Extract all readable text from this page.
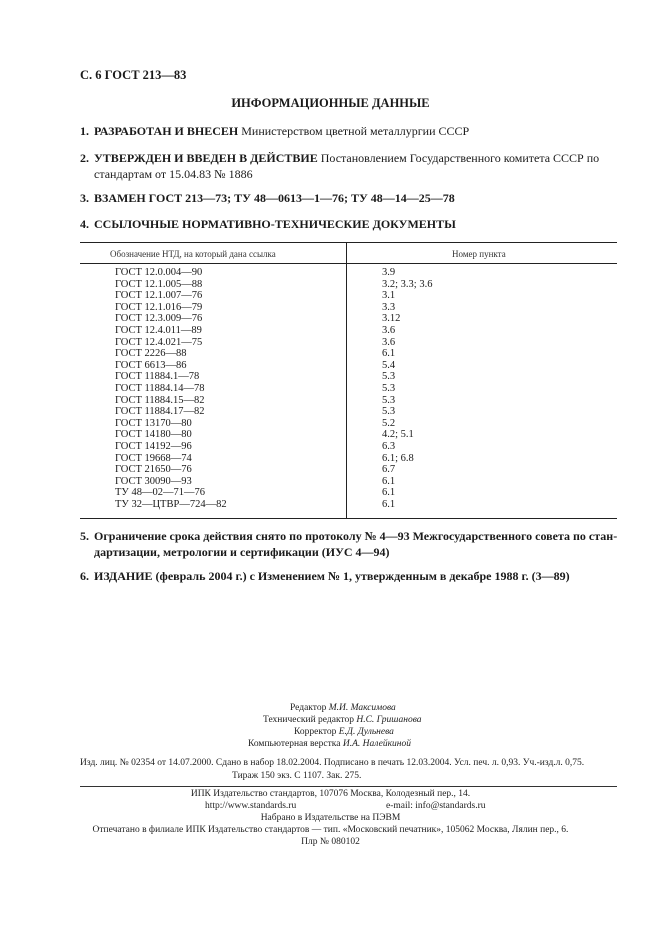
С. 6 ГОСТ 213—83
ИНФОРМАЦИОННЫЕ ДАННЫЕ
1. РАЗРАБОТАН И ВНЕСЕН Министерством цветной металлургии СССР
2. УТВЕРЖДЕН И ВВЕДЕН В ДЕЙСТВИЕ Постановлением Государственного комитета СССР по
стандартам от 15.04.83 № 1886
3. ВЗАМЕН ГОСТ 213—73; ТУ 48—0613—1—76; ТУ 48—14—25—78
4. ССЫЛОЧНЫЕ НОРМАТИВНО-ТЕХНИЧЕСКИЕ ДОКУМЕНТЫ
Обозначение НТД, на который дана ссылка	Номер пункта
ГОСТ 12.0.004—90	3.9
ГОСТ 12.1.005—88	3.2; 3.3; 3.6
ГОСТ 12.1.007—76	3.1
ГОСТ 12.1.016—79	3.3
ГОСТ 12.3.009—76	3.12
ГОСТ 12.4.011—89	3.6
ГОСТ 12.4.021—75	3.6
ГОСТ 2226—88	6.1
ГОСТ 6613—86	5.4
ГОСТ 11884.1—78	5.3
ГОСТ 11884.14—78	5.3
ГОСТ 11884.15—82	5.3
ГОСТ 11884.17—82	5.3
ГОСТ 13170—80	5.2
ГОСТ 14180—80	4.2; 5.1
ГОСТ 14192—96	6.3
ГОСТ 19668—74	6.1; 6.8
ГОСТ 21650—76	6.7
ГОСТ 30090—93	6.1
ТУ 48—02—71—76	6.1
ТУ 32—ЦТВР—724—82	6.1
5. Ограничение срока действия снято по протоколу № 4—93 Межгосударственного совета по стан-
дартизации, метрологии и сертификации (ИУС 4—94)
6. ИЗДАНИЕ (февраль 2004 г.) с Изменением № 1, утвержденным в декабре 1988 г. (3—89)
Редактор М.И. Максимова
Технический редактор Н.С. Гришанова
Корректор Е.Д. Дульнева
Компьютерная верстка И.А. Налейкиной
Изд. лиц. № 02354 от 14.07.2000. Сдано в набор 18.02.2004. Подписано в печать 12.03.2004. Усл. печ. л. 0,93. Уч.-изд.л. 0,75.
Тираж 150 экз. С 1107. Зак. 275.
ИПК Издательство стандартов, 107076 Москва, Колодезный пер., 14.
http://www.standards.ru	e-mail: info@standards.ru
Набрано в Издательстве на ПЭВМ
Отпечатано в филиале ИПК Издательство стандартов — тип. «Московский печатник», 105062 Москва, Лялин пер., 6.
Плр № 080102
